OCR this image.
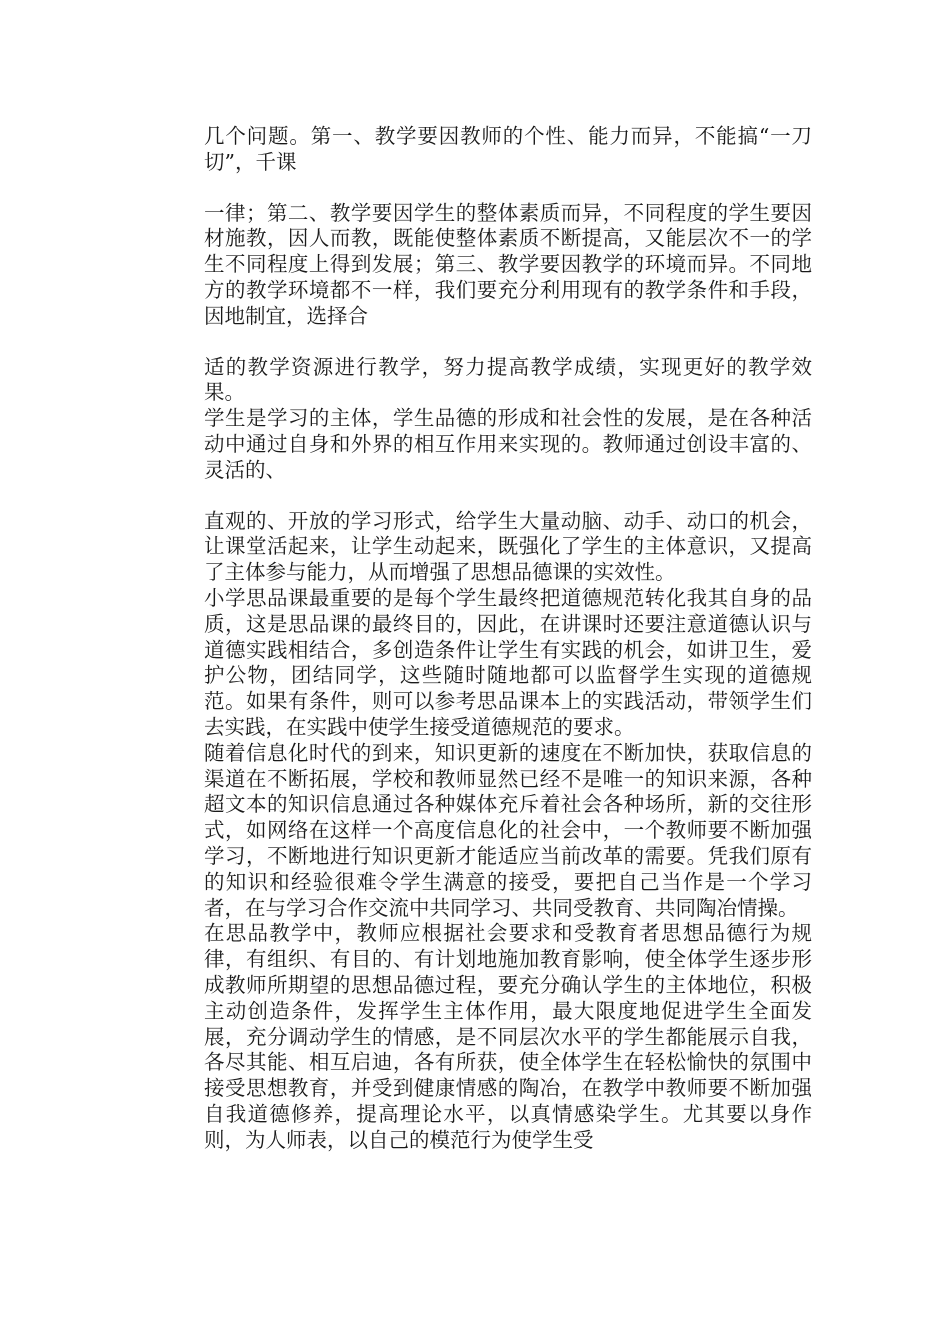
几个问题。第一、教学要因教师的个性、能力而异，不能搞“一刀切”，千课

一律；第二、教学要因学生的整体素质而异，不同程度的学生要因材施教，因人而教，既能使整体素质不断提高，又能层次不一的学生不同程度上得到发展；第三、教学要因教学的环境而异。不同地方的教学环境都不一样，我们要充分利用现有的教学条件和手段，因地制宜，选择合

适的教学资源进行教学，努力提高教学成绩，实现更好的教学效果。

学生是学习的主体，学生品德的形成和社会性的发展，是在各种活动中通过自身和外界的相互作用来实现的。教师通过创设丰富的、灵活的、

直观的、开放的学习形式，给学生大量动脑、动手、动口的机会，让课堂活起来，让学生动起来，既强化了学生的主体意识，又提高了主体参与能力，从而增强了思想品德课的实效性。

小学思品课最重要的是每个学生最终把道德规范转化我其自身的品质，这是思品课的最终目的，因此，在讲课时还要注意道德认识与道德实践相结合，多创造条件让学生有实践的机会，如讲卫生，爱护公物，团结同学，这些随时随地都可以监督学生实现的道德规范。如果有条件，则可以参考思品课本上的实践活动，带领学生们去实践，在实践中使学生接受道德规范的要求。

随着信息化时代的到来，知识更新的速度在不断加快，获取信息的渠道在不断拓展，学校和教师显然已经不是唯一的知识来源，各种超文本的知识信息通过各种媒体充斥着社会各种场所，新的交往形式，如网络在这样一个高度信息化的社会中，一个教师要不断加强学习，不断地进行知识更新才能适应当前改革的需要。凭我们原有的知识和经验很难令学生满意的接受，要把自己当作是一个学习者，在与学习合作交流中共同学习、共同受教育、共同陶冶情操。

在思品教学中，教师应根据社会要求和受教育者思想品德行为规律，有组织、有目的、有计划地施加教育影响，使全体学生逐步形成教师所期望的思想品德过程，要充分确认学生的主体地位，积极主动创造条件，发挥学生主体作用，最大限度地促进学生全面发展，充分调动学生的情感，是不同层次水平的学生都能展示自我，各尽其能、相互启迪，各有所获，使全体学生在轻松愉快的氛围中接受思想教育，并受到健康情感的陶冶，在教学中教师要不断加强自我道德修养，提高理论水平，以真情感染学生。尤其要以身作则，为人师表，以自己的模范行为使学生受
